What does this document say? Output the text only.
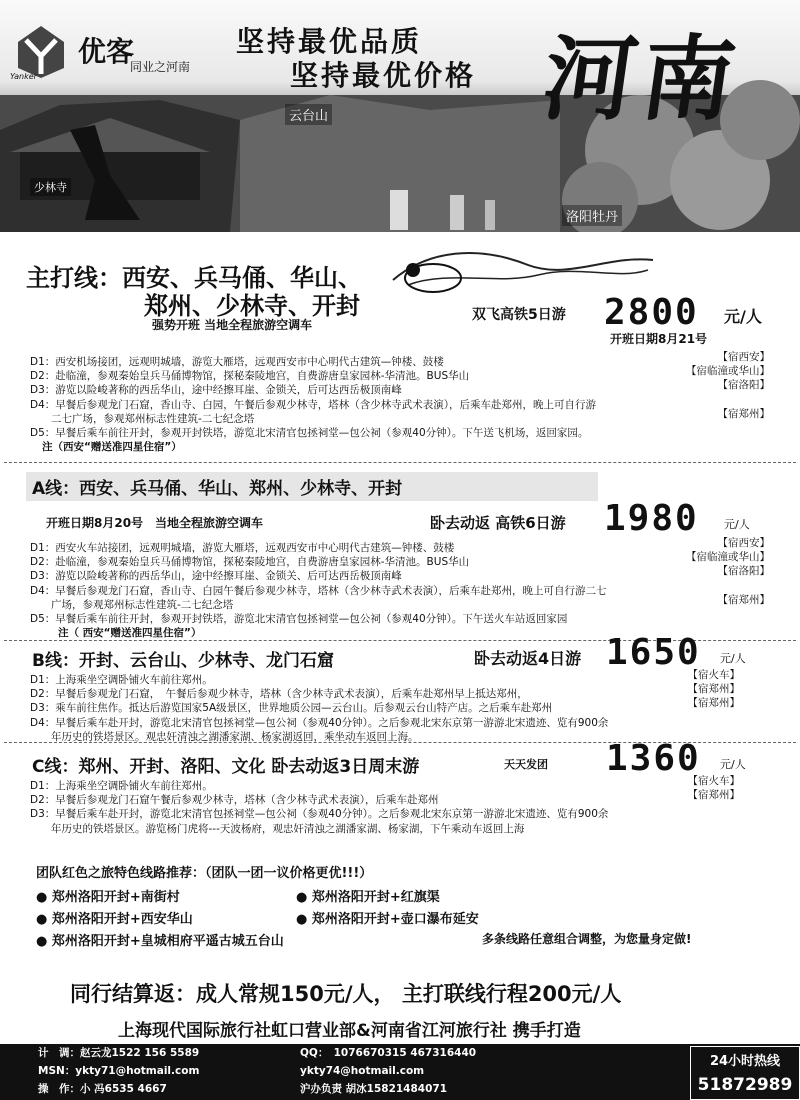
Yanker
优客
同业之河南
坚持最优品质
坚持最优价格 河南
云台山
洛阳牡丹
少林寺
主打线：西安、兵马俑、华山、
郑州、少林寺、开封
强势开班 当地全程旅游空调车
双飞高铁5日游 2800 元/人
开班日期8月21号
D1：西安机场接团，远观明城墙，游览大雁塔，远观西安市中心明代古建筑—钟楼、鼓楼	【宿西安】
D2：赴临潼，参观秦始皇兵马俑博物馆，探秘秦陵地宫，自费游唐皇家园林-华清池。BUS华山	【宿临潼或华山】
D3：游览以险峻著称的西岳华山，途中经擦耳崖、金锁关，后可达西岳极顶南峰	【宿洛阳】
D4：早餐后参观龙门石窟，香山寺、白园，午餐后参观少林寺，塔林（含少林寺武术表演），后乘车赴郑州，晚上可自行游
　　二七广场，参观郑州标志性建筑-二七纪念塔	【宿郑州】
D5：早餐后乘车前往开封，参观开封铁塔，游览北宋清官包拯祠堂—包公祠（参观40分钟）。下午送飞机场，返回家园。
注（西安“赠送准四星住宿”）
A线：西安、兵马俑、华山、郑州、少林寺、开封
开班日期8月20号　当地全程旅游空调车	卧去动返 高铁6日游 1980 元/人
D1：西安火车站接团，远观明城墙，游览大雁塔，远观西安市中心明代古建筑—钟楼、鼓楼	【宿西安】
D2：赴临潼，参观秦始皇兵马俑博物馆，探秘秦陵地宫，自费游唐皇家园林-华清池。BUS华山	【宿临潼或华山】
D3：游览以险峻著称的西岳华山，途中经擦耳崖、金锁关、后可达西岳极顶南峰	【宿洛阳】
D4：早餐后参观龙门石窟，香山寺、白园午餐后参观少林寺，塔林（含少林寺武术表演），后乘车赴郑州，晚上可自行游二七
　　广场，参观郑州标志性建筑-二七纪念塔	【宿郑州】
D5：早餐后乘车前往开封，参观开封铁塔，游览北宋清官包拯祠堂—包公祠（参观40分钟）。下午送火车站返回家园
注（ 西安“赠送准四星住宿”）
B线：开封、云台山、少林寺、龙门石窟	卧去动返4日游 1650 元/人
D1：上海乘坐空调卧铺火车前往郑州。	【宿火车】
D2：早餐后参观龙门石窟，　午餐后参观少林寺，塔林（含少林寺武术表演），后乘车赴郑州早上抵达郑州，	【宿郑州】
D3：乘车前往焦作。抵达后游览国家5A级景区，世界地质公园—云台山。后参观云台山特产店。之后乘车赴郑州	【宿郑州】
D4：早餐后乘车赴开封，游览北宋清官包拯祠堂—包公祠（参观40分钟）。之后参观北宋东京第一游游北宋遗迹、览有900余
　　年历史的铁塔景区。观忠奸清浊之湖潘家湖、杨家湖返回，乘坐动车返回上海。
C线：郑州、开封、洛阳、文化 卧去动返3日周末游	天天发团 1360 元/人
D1：上海乘坐空调卧铺火车前往郑州。	【宿火车】
D2：早餐后参观龙门石窟午餐后参观少林寺，塔林（含少林寺武术表演），后乘车赴郑州	【宿郑州】
D3：早餐后乘车赴开封，游览北宋清官包拯祠堂—包公祠（参观40分钟）。之后参观北宋东京第一游游北宋遗迹、览有900余
　　年历史的铁塔景区。游览杨门虎将---天波杨府，观忠奸清浊之湖潘家湖、杨家湖，下午乘动车返回上海
团队红色之旅特色线路推荐：（团队一团一议价格更优!!!）
● 郑州洛阳开封+南街村	● 郑州洛阳开封+红旗渠
● 郑州洛阳开封+西安华山	● 郑州洛阳开封+壶口瀑布延安
● 郑州洛阳开封+皇城相府平遥古城五台山	多条线路任意组合调整，为您量身定做!
同行结算返：成人常规150元/人， 主打联线行程200元/人
上海现代国际旅行社虹口营业部&河南省江河旅行社 携手打造
计　调：赵云龙1522 156 5589	QQ：　1076670315 467316440
MSN：ykty71@hotmail.com	ykty74@hotmail.com
操　作：小 冯6535 4667	沪办负责 胡冰15821484071
24小时热线
51872989
